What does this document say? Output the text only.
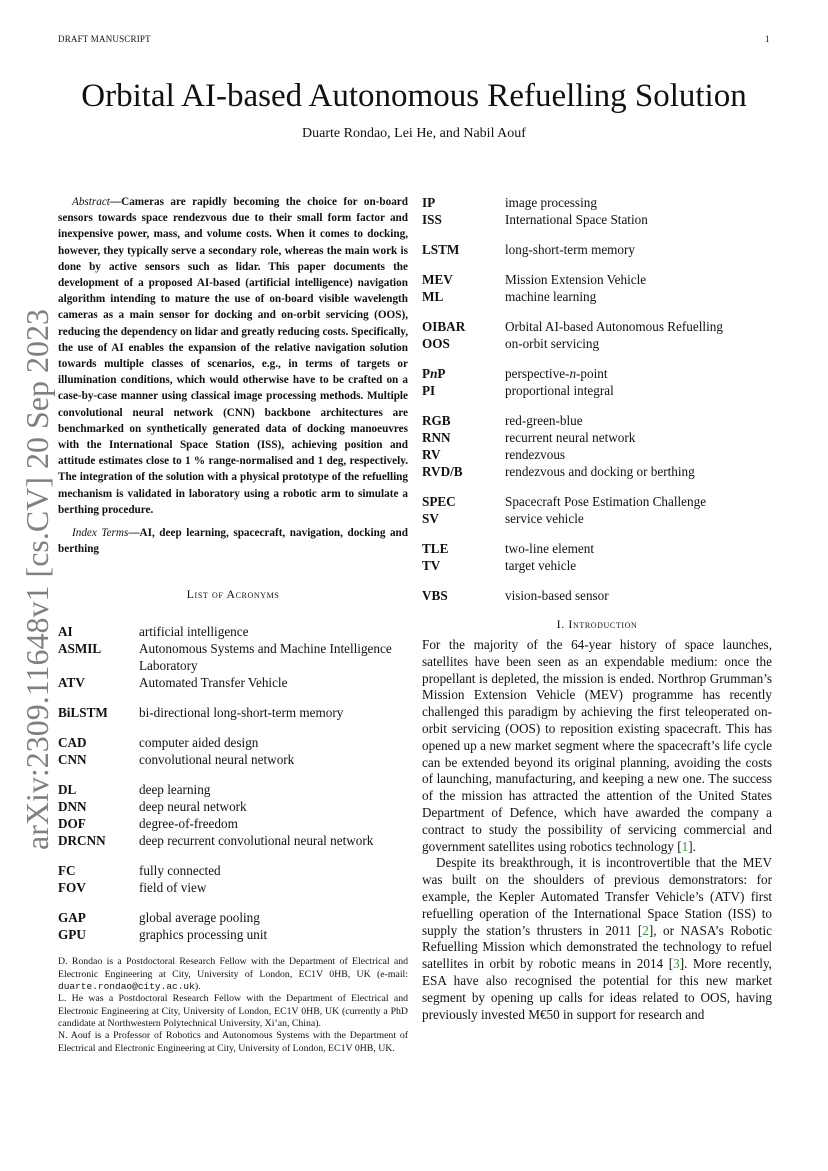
DRAFT MANUSCRIPT	1
Orbital AI-based Autonomous Refuelling Solution
Duarte Rondao, Lei He, and Nabil Aouf
arXiv:2309.11648v1 [cs.CV] 20 Sep 2023

Abstract—Cameras are rapidly becoming the choice for on-board sensors towards space rendezvous due to their small form factor and inexpensive power, mass, and volume costs. When it comes to docking, however, they typically serve a secondary role, whereas the main work is done by active sensors such as lidar. This paper documents the development of a proposed AI-based (artificial intelligence) navigation algorithm intending to mature the use of on-board visible wavelength cameras as a main sensor for docking and on-orbit servicing (OOS), reducing the dependency on lidar and greatly reducing costs. Specifically, the use of AI enables the expansion of the relative navigation solution towards multiple classes of scenarios, e.g., in terms of targets or illumination conditions, which would otherwise have to be crafted on a case-by-case manner using classical image processing methods. Multiple convolutional neural network (CNN) backbone architectures are benchmarked on synthetically generated data of docking manoeuvres with the International Space Station (ISS), achieving position and attitude estimates close to 1 % range-normalised and 1 deg, respectively. The integration of the solution with a physical prototype of the refuelling mechanism is validated in laboratory using a robotic arm to simulate a berthing procedure.

Index Terms—AI, deep learning, spacecraft, navigation, docking and berthing

List of Acronyms
AI	artificial intelligence
ASMIL	Autonomous Systems and Machine Intelligence Laboratory
ATV	Automated Transfer Vehicle
BiLSTM	bi-directional long-short-term memory
CAD	computer aided design
CNN	convolutional neural network
DL	deep learning
DNN	deep neural network
DOF	degree-of-freedom
DRCNN	deep recurrent convolutional neural network
FC	fully connected
FOV	field of view
GAP	global average pooling
GPU	graphics processing unit

D. Rondao is a Postdoctoral Research Fellow with the Department of Electrical and Electronic Engineering at City, University of London, EC1V 0HB, UK (e-mail: duarte.rondao@city.ac.uk).

L. He was a Postdoctoral Research Fellow with the Department of Electrical and Electronic Engineering at City, University of London, EC1V 0HB, UK (currently a PhD candidate at Northwestern Polytechnical University, Xi’an, China).

N. Aouf is a Professor of Robotics and Autonomous Systems with the Department of Electrical and Electronic Engineering at City, University of London, EC1V 0HB, UK.

IP	image processing
ISS	International Space Station
LSTM	long-short-term memory
MEV	Mission Extension Vehicle
ML	machine learning
OIBAR	Orbital AI-based Autonomous Refuelling
OOS	on-orbit servicing
PnP	perspective-n-point
PI	proportional integral
RGB	red-green-blue
RNN	recurrent neural network
RV	rendezvous
RVD/B	rendezvous and docking or berthing
SPEC	Spacecraft Pose Estimation Challenge
SV	service vehicle
TLE	two-line element
TV	target vehicle
VBS	vision-based sensor
I. Introduction

For the majority of the 64-year history of space launches, satellites have been seen as an expendable medium: once the propellant is depleted, the mission is ended. Northrop Grumman’s Mission Extension Vehicle (MEV) programme has recently challenged this paradigm by achieving the first teleoperated on-orbit servicing (OOS) to reposition existing spacecraft. This has opened up a new market segment where the spacecraft’s life cycle can be extended beyond its original planning, avoiding the costs of launching, manufacturing, and keeping a new one. The success of the mission has attracted the attention of the United States Department of Defence, which have awarded the company a contract to study the possibility of servicing commercial and government satellites using robotics technology [1].

Despite its breakthrough, it is incontrovertible that the MEV was built on the shoulders of previous demonstrators: for example, the Kepler Automated Transfer Vehicle’s (ATV) first refuelling operation of the International Space Station (ISS) to supply the station’s thrusters in 2011 [2], or NASA’s Robotic Refuelling Mission which demonstrated the technology to refuel satellites in orbit by robotic means in 2014 [3]. More recently, ESA have also recognised the potential for this new market segment by opening up calls for ideas related to OOS, having previously invested M€50 in support for research and
